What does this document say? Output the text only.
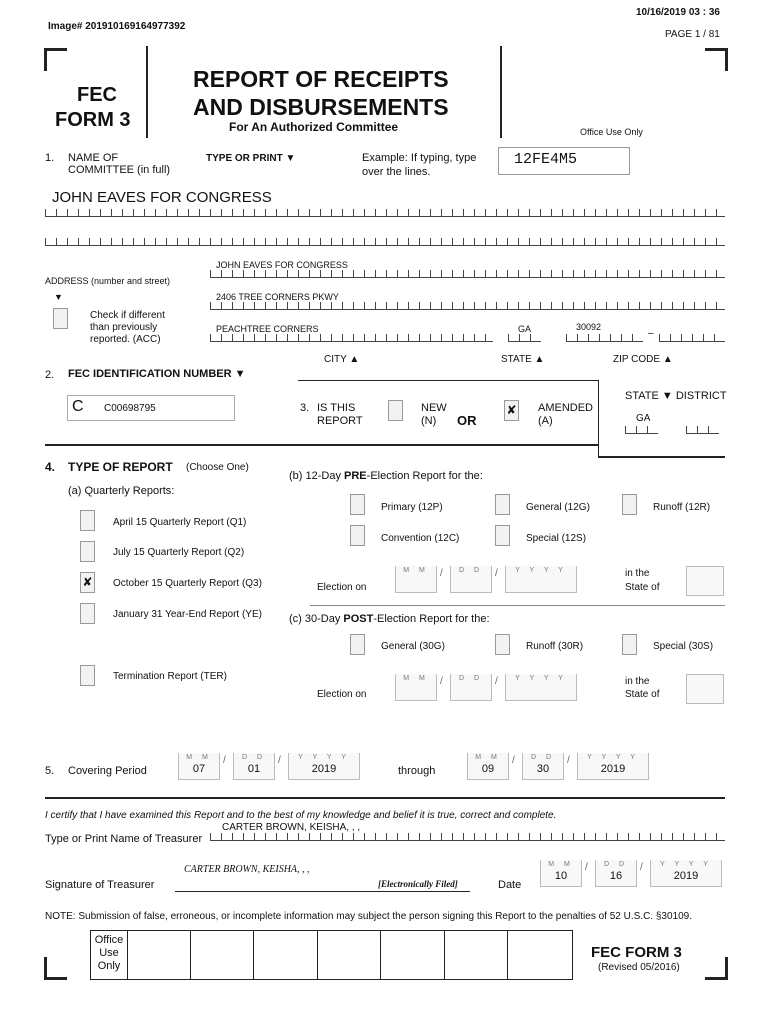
10/16/2019 03 : 36
Image# 201910169164977392
PAGE 1 / 81
FEC
FORM 3
REPORT OF RECEIPTS
AND DISBURSEMENTS
For An Authorized Committee	Office Use Only
1. NAME OF
COMMITTEE (in full)
TYPE OR PRINT ▼	Example: If typing, type
over the lines.
12FE4M5
JOHN EAVES FOR CONGRESS
JOHN EAVES FOR CONGRESS
ADDRESS (number and street)
▼	2406 TREE CORNERS PKWY
Check if different
than previously
reported. (ACC)
PEACHTREE CORNERS	GA	30092
–
CITY ▲	STATE ▲	ZIP CODE ▲
2. FEC IDENTIFICATION NUMBER ▼
C C00698795	3. IS THIS
REPORT
NEW
(N) OR
✘ AMENDED
(A)
STATE ▼ DISTRICT
GA
4. TYPE OF REPORT (Choose One)
(a) Quarterly Reports:
April 15 Quarterly Report (Q1)
July 15 Quarterly Report (Q2)
✘ October 15 Quarterly Report (Q3)
January 31 Year-End Report (YE)
Termination Report (TER)
(b) 12-Day PRE-Election Report for the:
Primary (12P)	General (12G)	Runoff (12R)
Convention (12C)	Special (12S)
Election on
M M	/	D D	/	Y Y Y Y	in the
State of
(c) 30-Day POST-Election Report for the:
General (30G)	Runoff (30R)	Special (30S)
Election on
M M	/	D D	/	Y Y Y Y	in the
State of
5. Covering Period
M M
07
/	D D
01
/	Y Y Y Y
2019	through
M M
09
/	D D
30
/	Y Y Y Y
2019
I certify that I have examined this Report and to the best of my knowledge and belief it is true, correct and complete.
CARTER BROWN, KEISHA, , ,
Type or Print Name of Treasurer
CARTER BROWN, KEISHA, , ,
[Electronically Filed]
Signature of Treasurer	Date
M M
10
/	D D
16
/	Y Y Y Y
2019
NOTE: Submission of false, erroneous, or incomplete information may subject the person signing this Report to the penalties of 52 U.S.C. §30109.
Office
Use
Only
FEC FORM 3
(Revised 05/2016)
